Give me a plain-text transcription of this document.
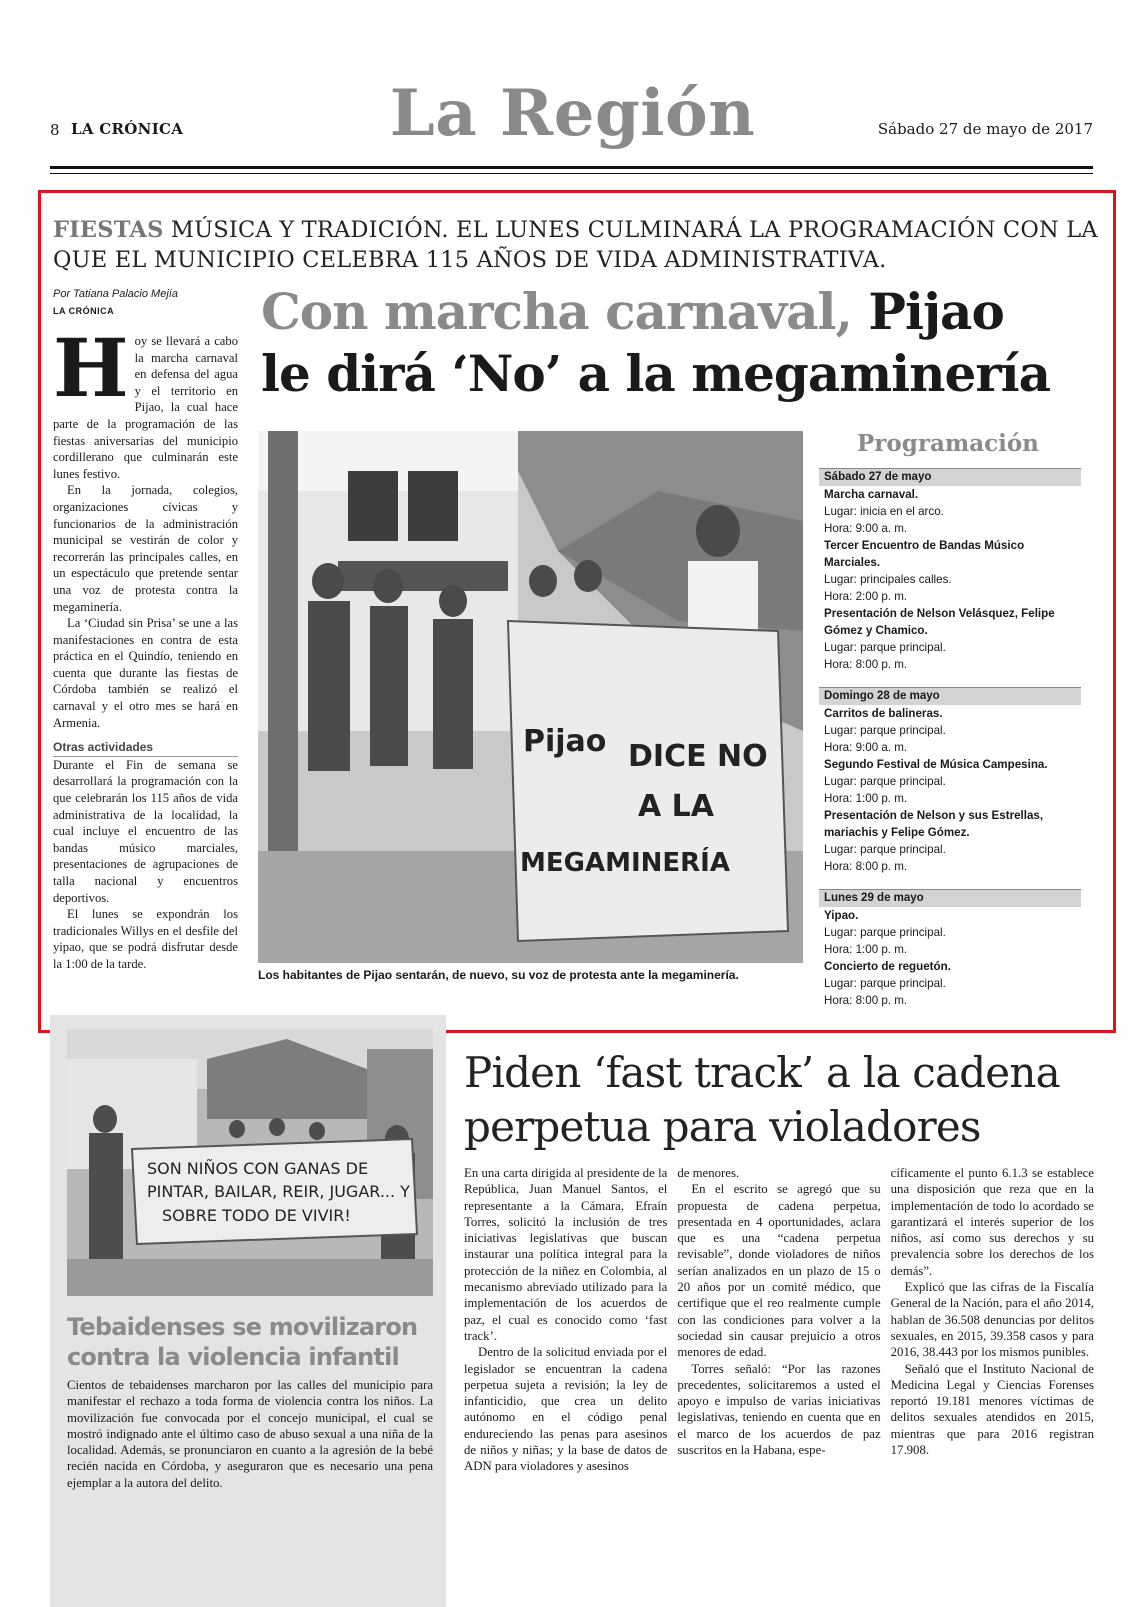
8 LA CRÓNICA	La Región	Sábado 27 de mayo de 2017
FIESTAS MÚSICA Y TRADICIÓN. EL LUNES CULMINARÁ LA PROGRAMACIÓN CON LA QUE EL MUNICIPIO CELEBRA 115 AÑOS DE VIDA ADMINISTRATIVA.
Por Tatiana Palacio Mejía
LA CRÓNICA	Con marcha carnaval, Pijao
le dirá ‘No’ a la megaminería

Hoy se llevará a cabo la marcha carnaval en defensa del agua y el territorio en Pijao, la cual hace parte de la programación de las fiestas aniversarias del municipio cordillerano que culminarán este lunes festivo.

En la jornada, colegios, organizaciones cívicas y funcionarios de la administración municipal se vestirán de color y recorrerán las principales calles, en un espectáculo que pretende sentar una voz de protesta contra la megaminería.

La ‘Ciudad sin Prisa’ se une a las manifestaciones en contra de esta práctica en el Quindío, teniendo en cuenta que durante las fiestas de Córdoba también se realizó el carnaval y el otro mes se hará en Armenia.

Otras actividades

Durante el Fin de semana se desarrollará la programación con la que celebrarán los 115 años de vida administrativa de la localidad, la cual incluye el encuentro de las bandas músico marciales, presentaciones de agrupaciones de talla nacional y encuentros deportivos.

El lunes se expondrán los tradicionales Willys en el desfile del yipao, que se podrá disfrutar desde la 1:00 de la tarde.

Pijao DICE NO
A LA
MEGAMINERÍA
Los habitantes de Pijao sentarán, de nuevo, su voz de protesta ante la megaminería.
Programación
Sábado 27 de mayo
Marcha carnaval.
Lugar: inicia en el arco.
Hora: 9:00 a. m.
Tercer Encuentro de Bandas Músico Marciales.
Lugar: principales calles.
Hora: 2:00 p. m.
Presentación de Nelson Velásquez, Felipe Gómez y Chamico.
Lugar: parque principal.
Hora: 8:00 p. m.
Domingo 28 de mayo
Carritos de balineras.
Lugar: parque principal.
Hora: 9:00 a. m.
Segundo Festival de Música Campesina.
Lugar: parque principal.
Hora: 1:00 p. m.
Presentación de Nelson y sus Estrellas, mariachis y Felipe Gómez.
Lugar: parque principal.
Hora: 8:00 p. m.
Lunes 29 de mayo
Yipao.
Lugar: parque principal.
Hora: 1:00 p. m.
Concierto de reguetón.
Lugar: parque principal.
Hora: 8:00 p. m.
SON NIÑOS CON GANAS DE
PINTAR, BAILAR, REIR, JUGAR... Y
SOBRE TODO DE VIVIR!
Tebaidenses se movilizaron contra la violencia infantil
Cientos de tebaidenses marcharon por las calles del municipio para manifestar el rechazo a toda forma de violencia contra los niños. La movilización fue convocada por el concejo municipal, el cual se mostró indignado ante el último caso de abuso sexual a una niña de la localidad. Además, se pronunciaron en cuanto a la agresión de la bebé recién nacida en Córdoba, y aseguraron que es necesario una pena ejemplar a la autora del delito.
Piden ‘fast track’ a la cadena perpetua para violadores

En una carta dirigida al presidente de la República, Juan Manuel Santos, el representante a la Cámara, Efraín Torres, solicitó la inclusión de tres iniciativas legislativas que buscan instaurar una política integral para la protección de la niñez en Colombia, al mecanismo abreviado utilizado para la implementación de los acuerdos de paz, el cual es conocido como ‘fast track’.

Dentro de la solicitud enviada por el legislador se encuentran la cadena perpetua sujeta a revisión; la ley de infanticidio, que crea un delito autónomo en el código penal endureciendo las penas para asesinos de niños y niñas; y la base de datos de ADN para violadores y asesinos

de menores.

En el escrito se agregó que su propuesta de cadena perpetua, presentada en 4 oportunidades, aclara que es una “cadena perpetua revisable”, donde violadores de niños serían analizados en un plazo de 15 o 20 años por un comité médico, que certifique que el reo realmente cumple con las condiciones para volver a la sociedad sin causar prejuicio a otros menores de edad.

Torres señaló: “Por las razones precedentes, solicitaremos a usted el apoyo e impulso de varias iniciativas legislativas, teniendo en cuenta que en el marco de los acuerdos de paz suscritos en la Habana, espe-

cíficamente el punto 6.1.3 se establece una disposición que reza que en la implementación de todo lo acordado se garantizará el interés superior de los niños, así como sus derechos y su prevalencia sobre los derechos de los demás”.

Explicó que las cifras de la Fiscalía General de la Nación, para el año 2014, hablan de 36.508 denuncias por delitos sexuales, en 2015, 39.358 casos y para 2016, 38.443 por los mismos punibles.

Señaló que el Instituto Nacional de Medicina Legal y Ciencias Forenses reportó 19.181 menores víctimas de delitos sexuales atendidos en 2015, mientras que para 2016 registran 17.908.
